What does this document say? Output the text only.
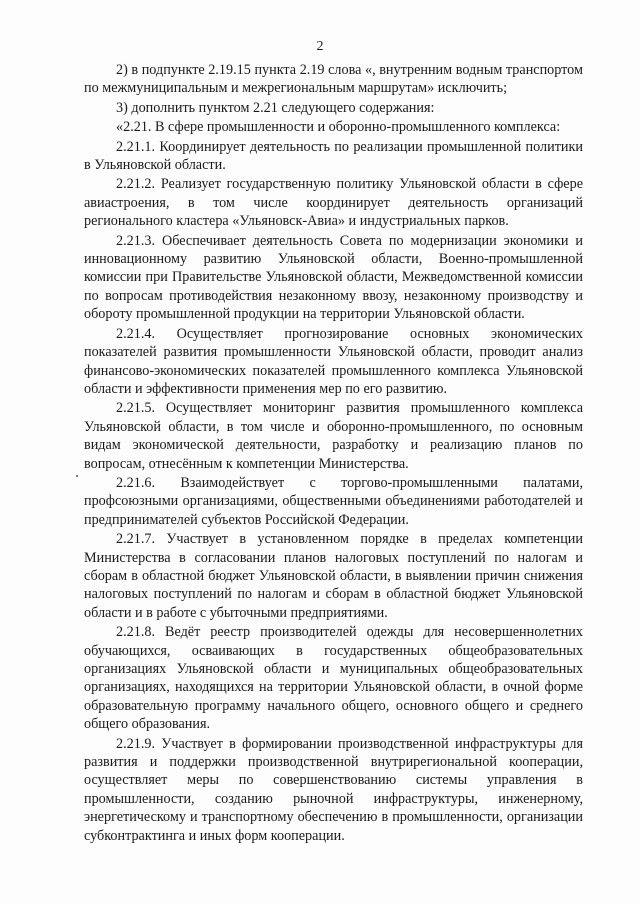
2

2) в подпункте 2.19.15 пункта 2.19 слова «, внутренним водным транспортом по межмуниципальным и межрегиональным маршрутам» исключить;

3) дополнить пунктом 2.21 следующего содержания:

«2.21. В сфере промышленности и оборонно-промышленного комплекса:

2.21.1. Координирует деятельность по реализации промышленной политики в Ульяновской области.

2.21.2. Реализует государственную политику Ульяновской области в сфере авиастроения, в том числе координирует деятельность организаций регионального кластера «Ульяновск-Авиа» и индустриальных парков.

2.21.3. Обеспечивает деятельность Совета по модернизации экономики и инновационному развитию Ульяновской области, Военно-промышленной комиссии при Правительстве Ульяновской области, Межведомственной комиссии по вопросам противодействия незаконному ввозу, незаконному производству и обороту промышленной продукции на территории Ульяновской области.

2.21.4. Осуществляет прогнозирование основных экономических показателей развития промышленности Ульяновской области, проводит анализ финансово-экономических показателей промышленного комплекса Ульяновской области и эффективности применения мер по его развитию.

2.21.5. Осуществляет мониторинг развития промышленного комплекса Ульяновской области, в том числе и оборонно-промышленного, по основным видам экономической деятельности, разработку и реализацию планов по вопросам, отнесённым к компетенции Министерства.

2.21.6. Взаимодействует с торгово-промышленными палатами, профсоюзными организациями, общественными объединениями работодателей и предпринимателей субъектов Российской Федерации.

2.21.7. Участвует в установленном порядке в пределах компетенции Министерства в согласовании планов налоговых поступлений по налогам и сборам в областной бюджет Ульяновской области, в выявлении причин снижения налоговых поступлений по налогам и сборам в областной бюджет Ульяновской области и в работе с убыточными предприятиями.

2.21.8. Ведёт реестр производителей одежды для несовершеннолетних обучающихся, осваивающих в государственных общеобразовательных организациях Ульяновской области и муниципальных общеобразовательных организациях, находящихся на территории Ульяновской области, в очной форме образовательную программу начального общего, основного общего и среднего общего образования.

2.21.9. Участвует в формировании производственной инфраструктуры для развития и поддержки производственной внутрирегиональной кооперации, осуществляет меры по совершенствованию системы управления в промышленности, созданию рыночной инфраструктуры, инженерному, энергетическому и транспортному обеспечению в промышленности, организации субконтрактинга и иных форм кооперации.
